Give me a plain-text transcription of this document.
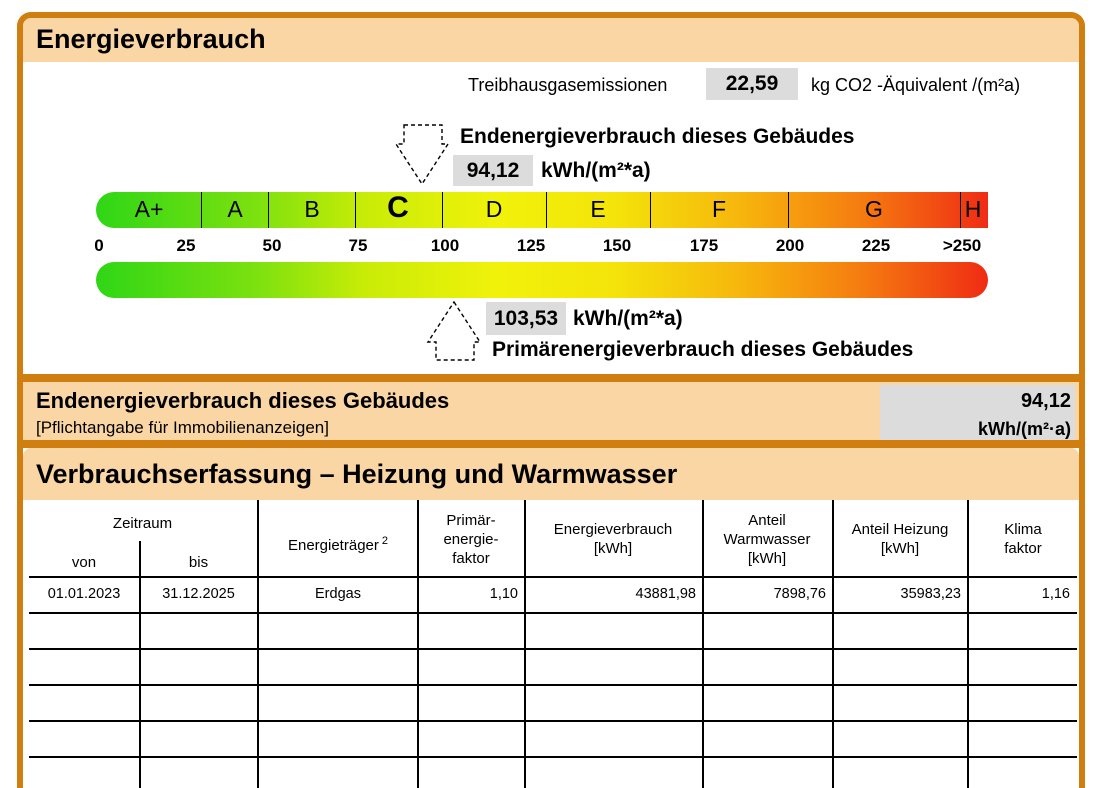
Energieverbrauch
Treibhausgasemissionen	22,59	kg CO2 -Äquivalent /(m²a)
Endenergieverbrauch dieses Gebäudes
94,12	kWh/(m²*a)
A+	A	B C	D	E	F	G	H
0	25	50	75	100	125	150	175	200	225	>250
103,53 kWh/(m²*a)
Primärenergieverbrauch dieses Gebäudes
Endenergieverbrauch dieses Gebäudes
[Pflichtangabe für Immobilienanzeigen]
94,12
kWh/(m²·a)
Verbrauchserfassung – Heizung und Warmwasser
Zeitraum
von	bis
Energieträger $^2$
Primär-
energie-
faktor
Energieverbrauch
[kWh]
Anteil
Warmwasser
[kWh]
Anteil Heizung
[kWh]
Klima
faktor
01.01.2023	31.12.2025	Erdgas	1,10	43881,98	7898,76	35983,23	1,16
